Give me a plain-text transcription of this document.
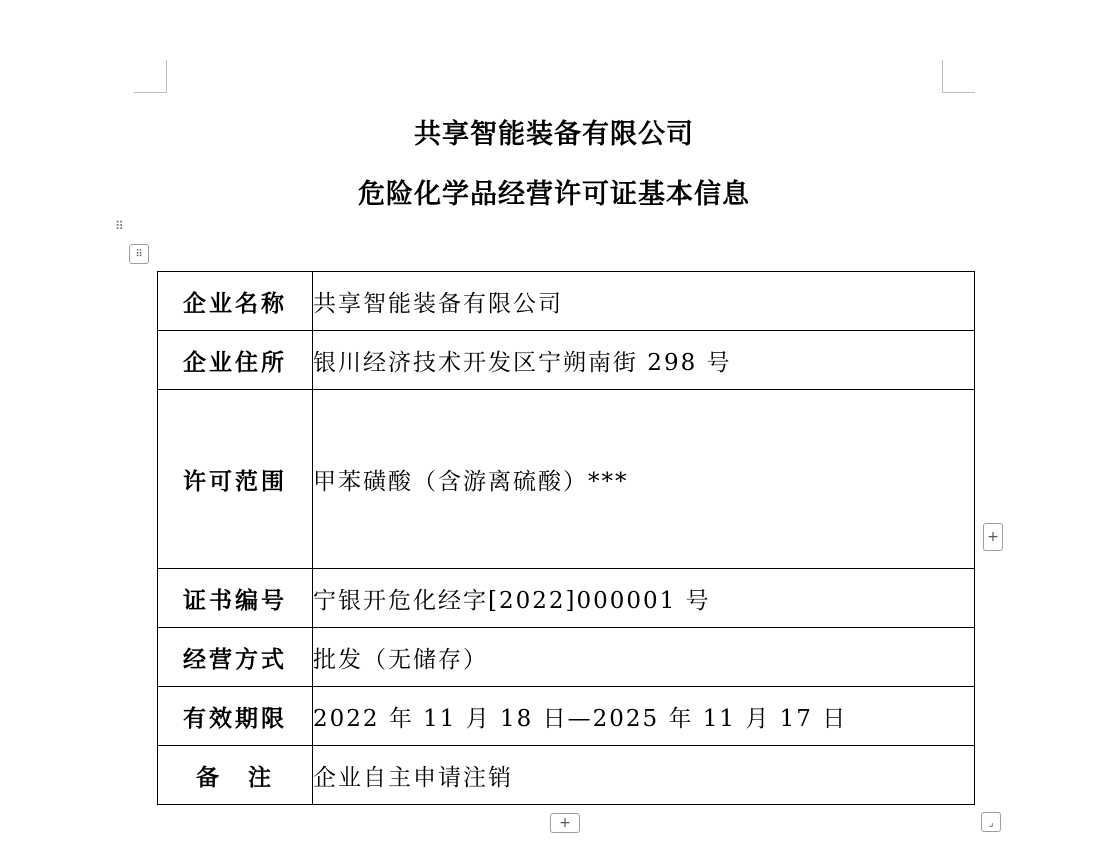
共享智能装备有限公司
危险化学品经营许可证基本信息
⠿
⠿
企业名称	共享智能装备有限公司
企业住所	银川经济技术开发区宁朔南街 298 号
许可范围	甲苯磺酸（含游离硫酸）***
证书编号	宁银开危化经字[2022]000001 号
经营方式	批发（无储存）
有效期限	2022 年 11 月 18 日—2025 年 11 月 17 日
备　注	企业自主申请注销
+
+	⌟
